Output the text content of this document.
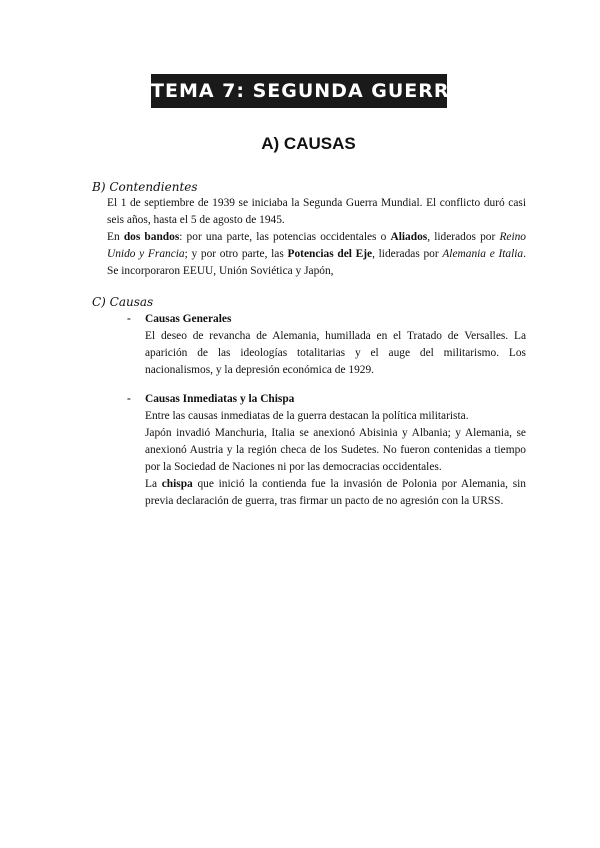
TEMA 7: SEGUNDA GUERRA MUNDIAL
A) CAUSAS
B) Contendientes
El 1 de septiembre de 1939 se iniciaba la Segunda Guerra Mundial. El conflicto duró casi seis años, hasta el 5 de agosto de 1945.
En dos bandos: por una parte, las potencias occidentales o Aliados, liderados por Reino Unido y Francia; y por otro parte, las Potencias del Eje, lideradas por Alemania e Italia. Se incorporaron EEUU, Unión Soviética y Japón,
C) Causas
- Causas Generales
El deseo de revancha de Alemania, humillada en el Tratado de Versalles. La aparición de las ideologías totalitarias y el auge del militarismo. Los nacionalismos, y la depresión económica de 1929.
- Causas Inmediatas y la Chispa
Entre las causas inmediatas de la guerra destacan la política militarista.
Japón invadió Manchuria, Italia se anexionó Abisinia y Albania; y Alemania, se anexionó Austria y la región checa de los Sudetes. No fueron contenidas a tiempo por la Sociedad de Naciones ni por las democracias occidentales.
La chispa que inició la contienda fue la invasión de Polonia por Alemania, sin previa declaración de guerra, tras firmar un pacto de no agresión con la URSS.
